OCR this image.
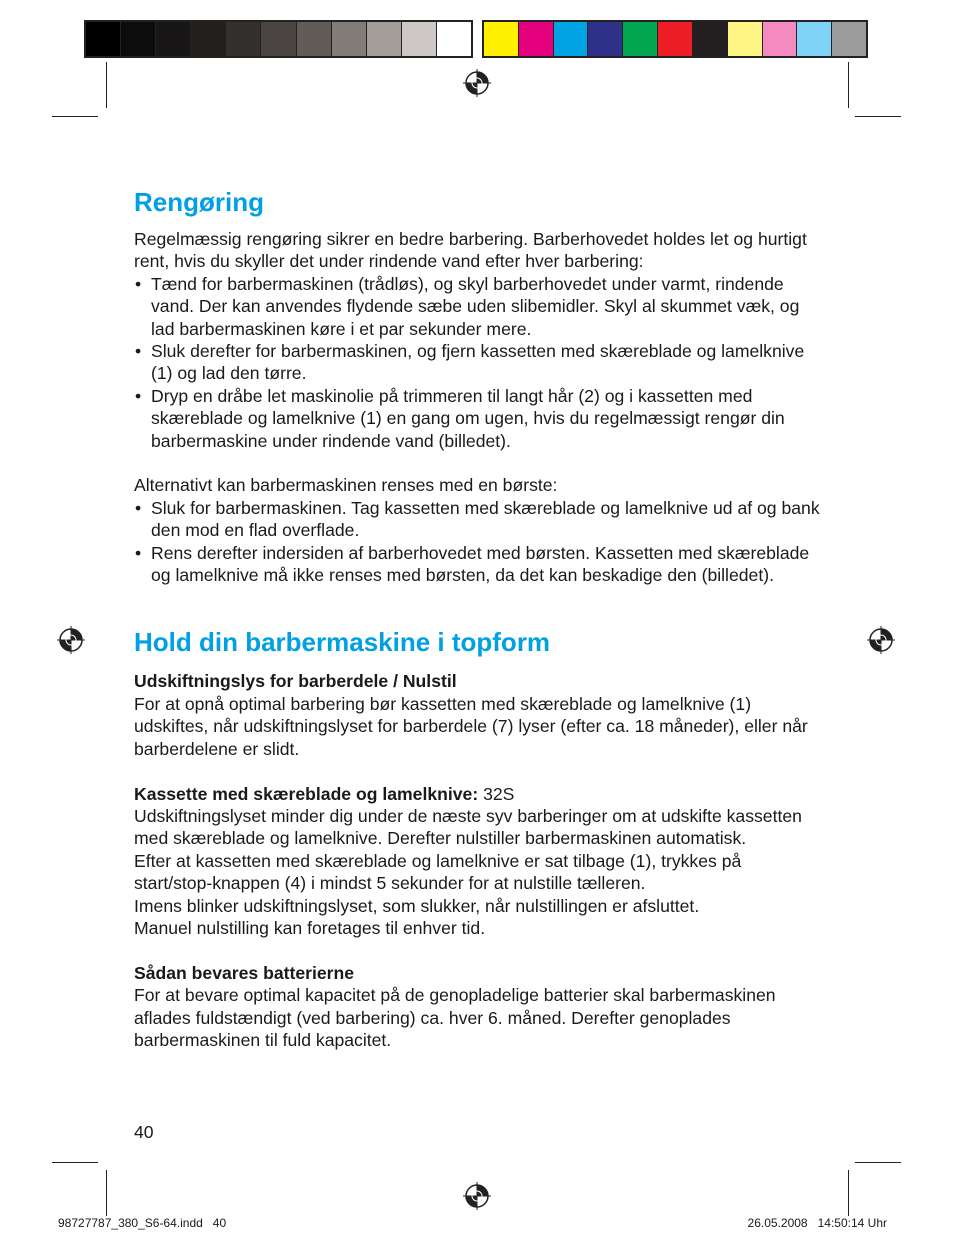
Rengøring

Regelmæssig rengøring sikrer en bedre barbering. Barberhovedet holdes let og hurtigt rent, hvis du skyller det under rindende vand efter hver barbering:

• Tænd for barbermaskinen (trådløs), og skyl barberhovedet under varmt, rindende vand. Der kan anvendes flydende sæbe uden slibemidler. Skyl al skummet væk, og lad barbermaskinen køre i et par sekunder mere.
• Sluk derefter for barbermaskinen, og fjern kassetten med skæreblade og lamelknive (1) og lad den tørre.
• Dryp en dråbe let maskinolie på trimmeren til langt hår (2) og i kassetten med skæreblade og lamelknive (1) en gang om ugen, hvis du regelmæssigt rengør din barbermaskine under rindende vand (billedet).

Alternativt kan barbermaskinen renses med en børste:

• Sluk for barbermaskinen. Tag kassetten med skæreblade og lamelknive ud af og bank den mod en flad overflade.
• Rens derefter indersiden af barberhovedet med børsten. Kassetten med skæreblade og lamelknive må ikke renses med børsten, da det kan beskadige den (billedet).
Hold din barbermaskine i topform

Udskiftningslys for barberdele / Nulstil

For at opnå optimal barbering bør kassetten med skæreblade og lamelknive (1) udskiftes, når udskiftningslyset for barberdele (7) lyser (efter ca. 18 måneder), eller når barberdelene er slidt.

Kassette med skæreblade og lamelknive: 32S

Udskiftningslyset minder dig under de næste syv barberinger om at udskifte kassetten med skæreblade og lamelknive. Derefter nulstiller barbermaskinen automatisk.

Efter at kassetten med skæreblade og lamelknive er sat tilbage (1), trykkes på start/stop-knappen (4) i mindst 5 sekunder for at nulstille tælleren.

Imens blinker udskiftningslyset, som slukker, når nulstillingen er afsluttet.

Manuel nulstilling kan foretages til enhver tid.

Sådan bevares batterierne

For at bevare optimal kapacitet på de genopladelige batterier skal barbermaskinen aflades fuldstændigt (ved barbering) ca. hver 6. måned. Derefter genoplades barbermaskinen til fuld kapacitet.

40
98727787_380_S6-64.indd   40	26.05.2008   14:50:14 Uhr
